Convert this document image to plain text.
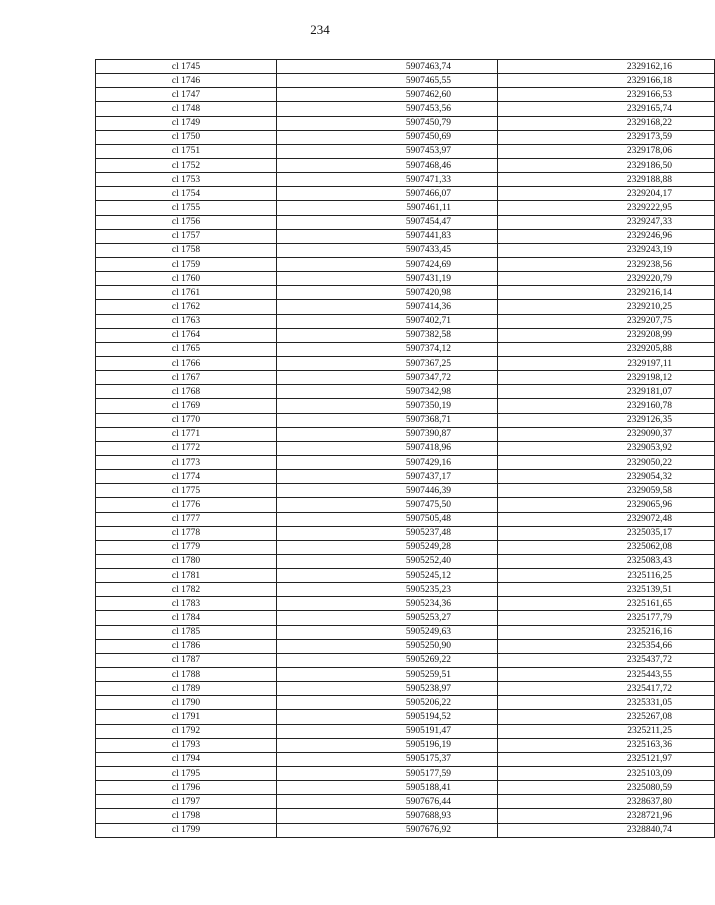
234
cl 1745	5907463,74	2329162,16
cl 1746	5907465,55	2329166,18
cl 1747	5907462,60	2329166,53
cl 1748	5907453,56	2329165,74
cl 1749	5907450,79	2329168,22
cl 1750	5907450,69	2329173,59
cl 1751	5907453,97	2329178,06
cl 1752	5907468,46	2329186,50
cl 1753	5907471,33	2329188,88
cl 1754	5907466,07	2329204,17
cl 1755	5907461,11	2329222,95
cl 1756	5907454,47	2329247,33
cl 1757	5907441,83	2329246,96
cl 1758	5907433,45	2329243,19
cl 1759	5907424,69	2329238,56
cl 1760	5907431,19	2329220,79
cl 1761	5907420,98	2329216,14
cl 1762	5907414,36	2329210,25
cl 1763	5907402,71	2329207,75
cl 1764	5907382,58	2329208,99
cl 1765	5907374,12	2329205,88
cl 1766	5907367,25	2329197,11
cl 1767	5907347,72	2329198,12
cl 1768	5907342,98	2329181,07
cl 1769	5907350,19	2329160,78
cl 1770	5907368,71	2329126,35
cl 1771	5907390,87	2329090,37
cl 1772	5907418,96	2329053,92
cl 1773	5907429,16	2329050,22
cl 1774	5907437,17	2329054,32
cl 1775	5907446,39	2329059,58
cl 1776	5907475,50	2329065,96
cl 1777	5907505,48	2329072,48
cl 1778	5905237,48	2325035,17
cl 1779	5905249,28	2325062,08
cl 1780	5905252,40	2325083,43
cl 1781	5905245,12	2325116,25
cl 1782	5905235,23	2325139,51
cl 1783	5905234,36	2325161,65
cl 1784	5905253,27	2325177,79
cl 1785	5905249,63	2325216,16
cl 1786	5905250,90	2325354,66
cl 1787	5905269,22	2325437,72
cl 1788	5905259,51	2325443,55
cl 1789	5905238,97	2325417,72
cl 1790	5905206,22	2325331,05
cl 1791	5905194,52	2325267,08
cl 1792	5905191,47	2325211,25
cl 1793	5905196,19	2325163,36
cl 1794	5905175,37	2325121,97
cl 1795	5905177,59	2325103,09
cl 1796	5905188,41	2325080,59
cl 1797	5907676,44	2328637,80
cl 1798	5907688,93	2328721,96
cl 1799	5907676,92	2328840,74
